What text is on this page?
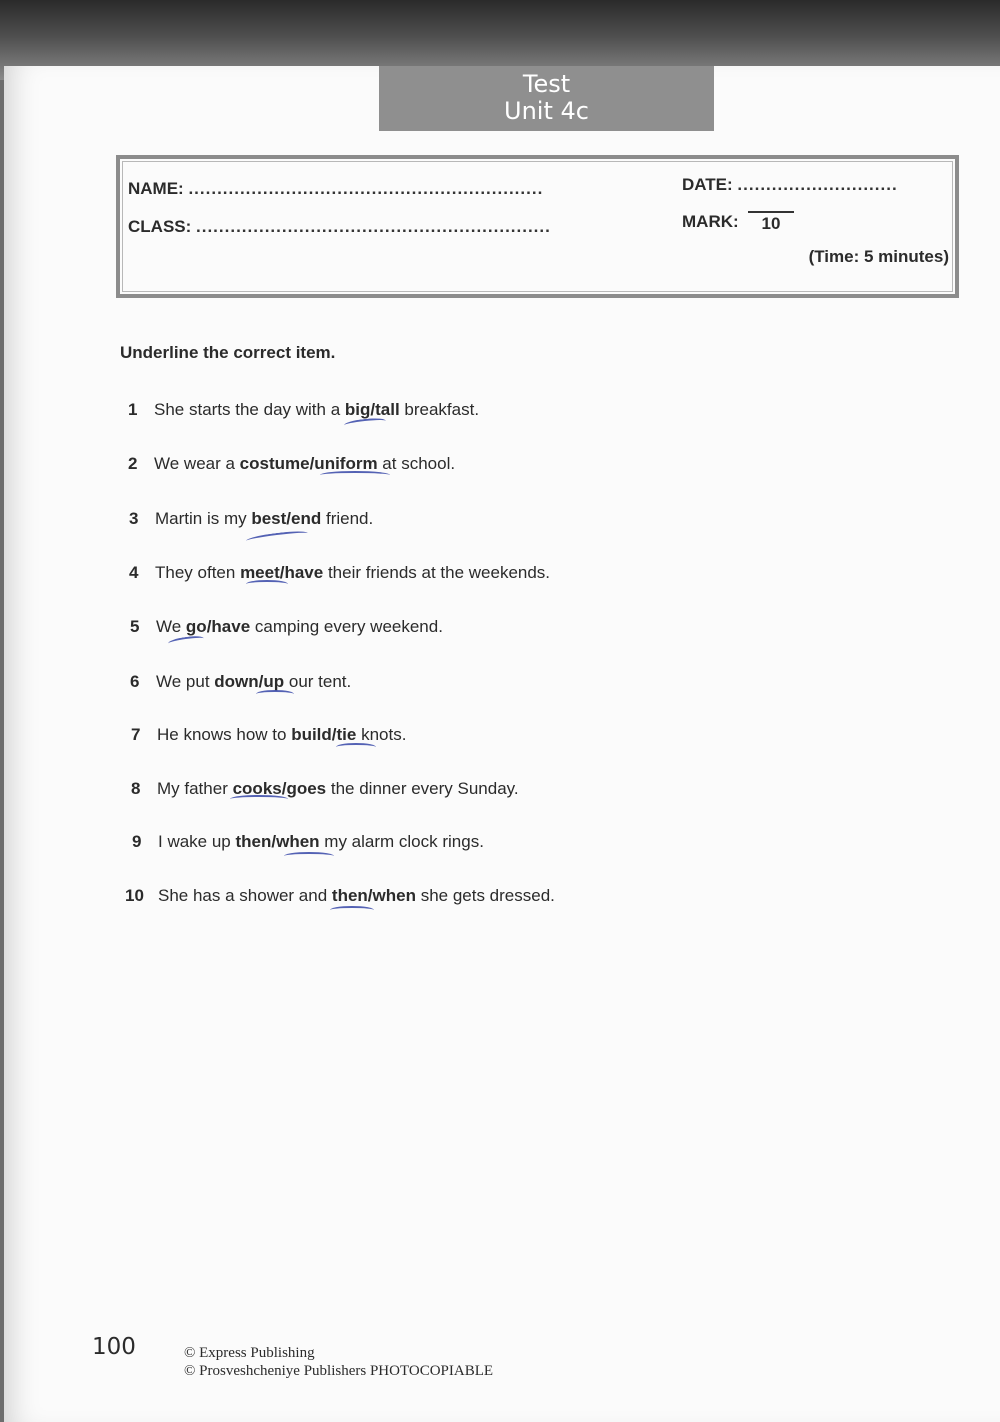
Test
Unit 4c
NAME: ..............................................................
CLASS: ..............................................................
DATE: ............................
MARK:	10
(Time: 5 minutes)
Underline the correct item.
1 She starts the day with a big/tall breakfast.
2 We wear a costume/uniform at school.
3 Martin is my best/end friend.
4 They often meet/have their friends at the weekends.
5 We go/have camping every weekend.
6 We put down/up our tent.
7 He knows how to build/tie knots.
8 My father cooks/goes the dinner every Sunday.
9 I wake up then/when my alarm clock rings.
10 She has a shower and then/when she gets dressed.
100	© Express Publishing
© Prosveshcheniye Publishers PHOTOCOPIABLE
